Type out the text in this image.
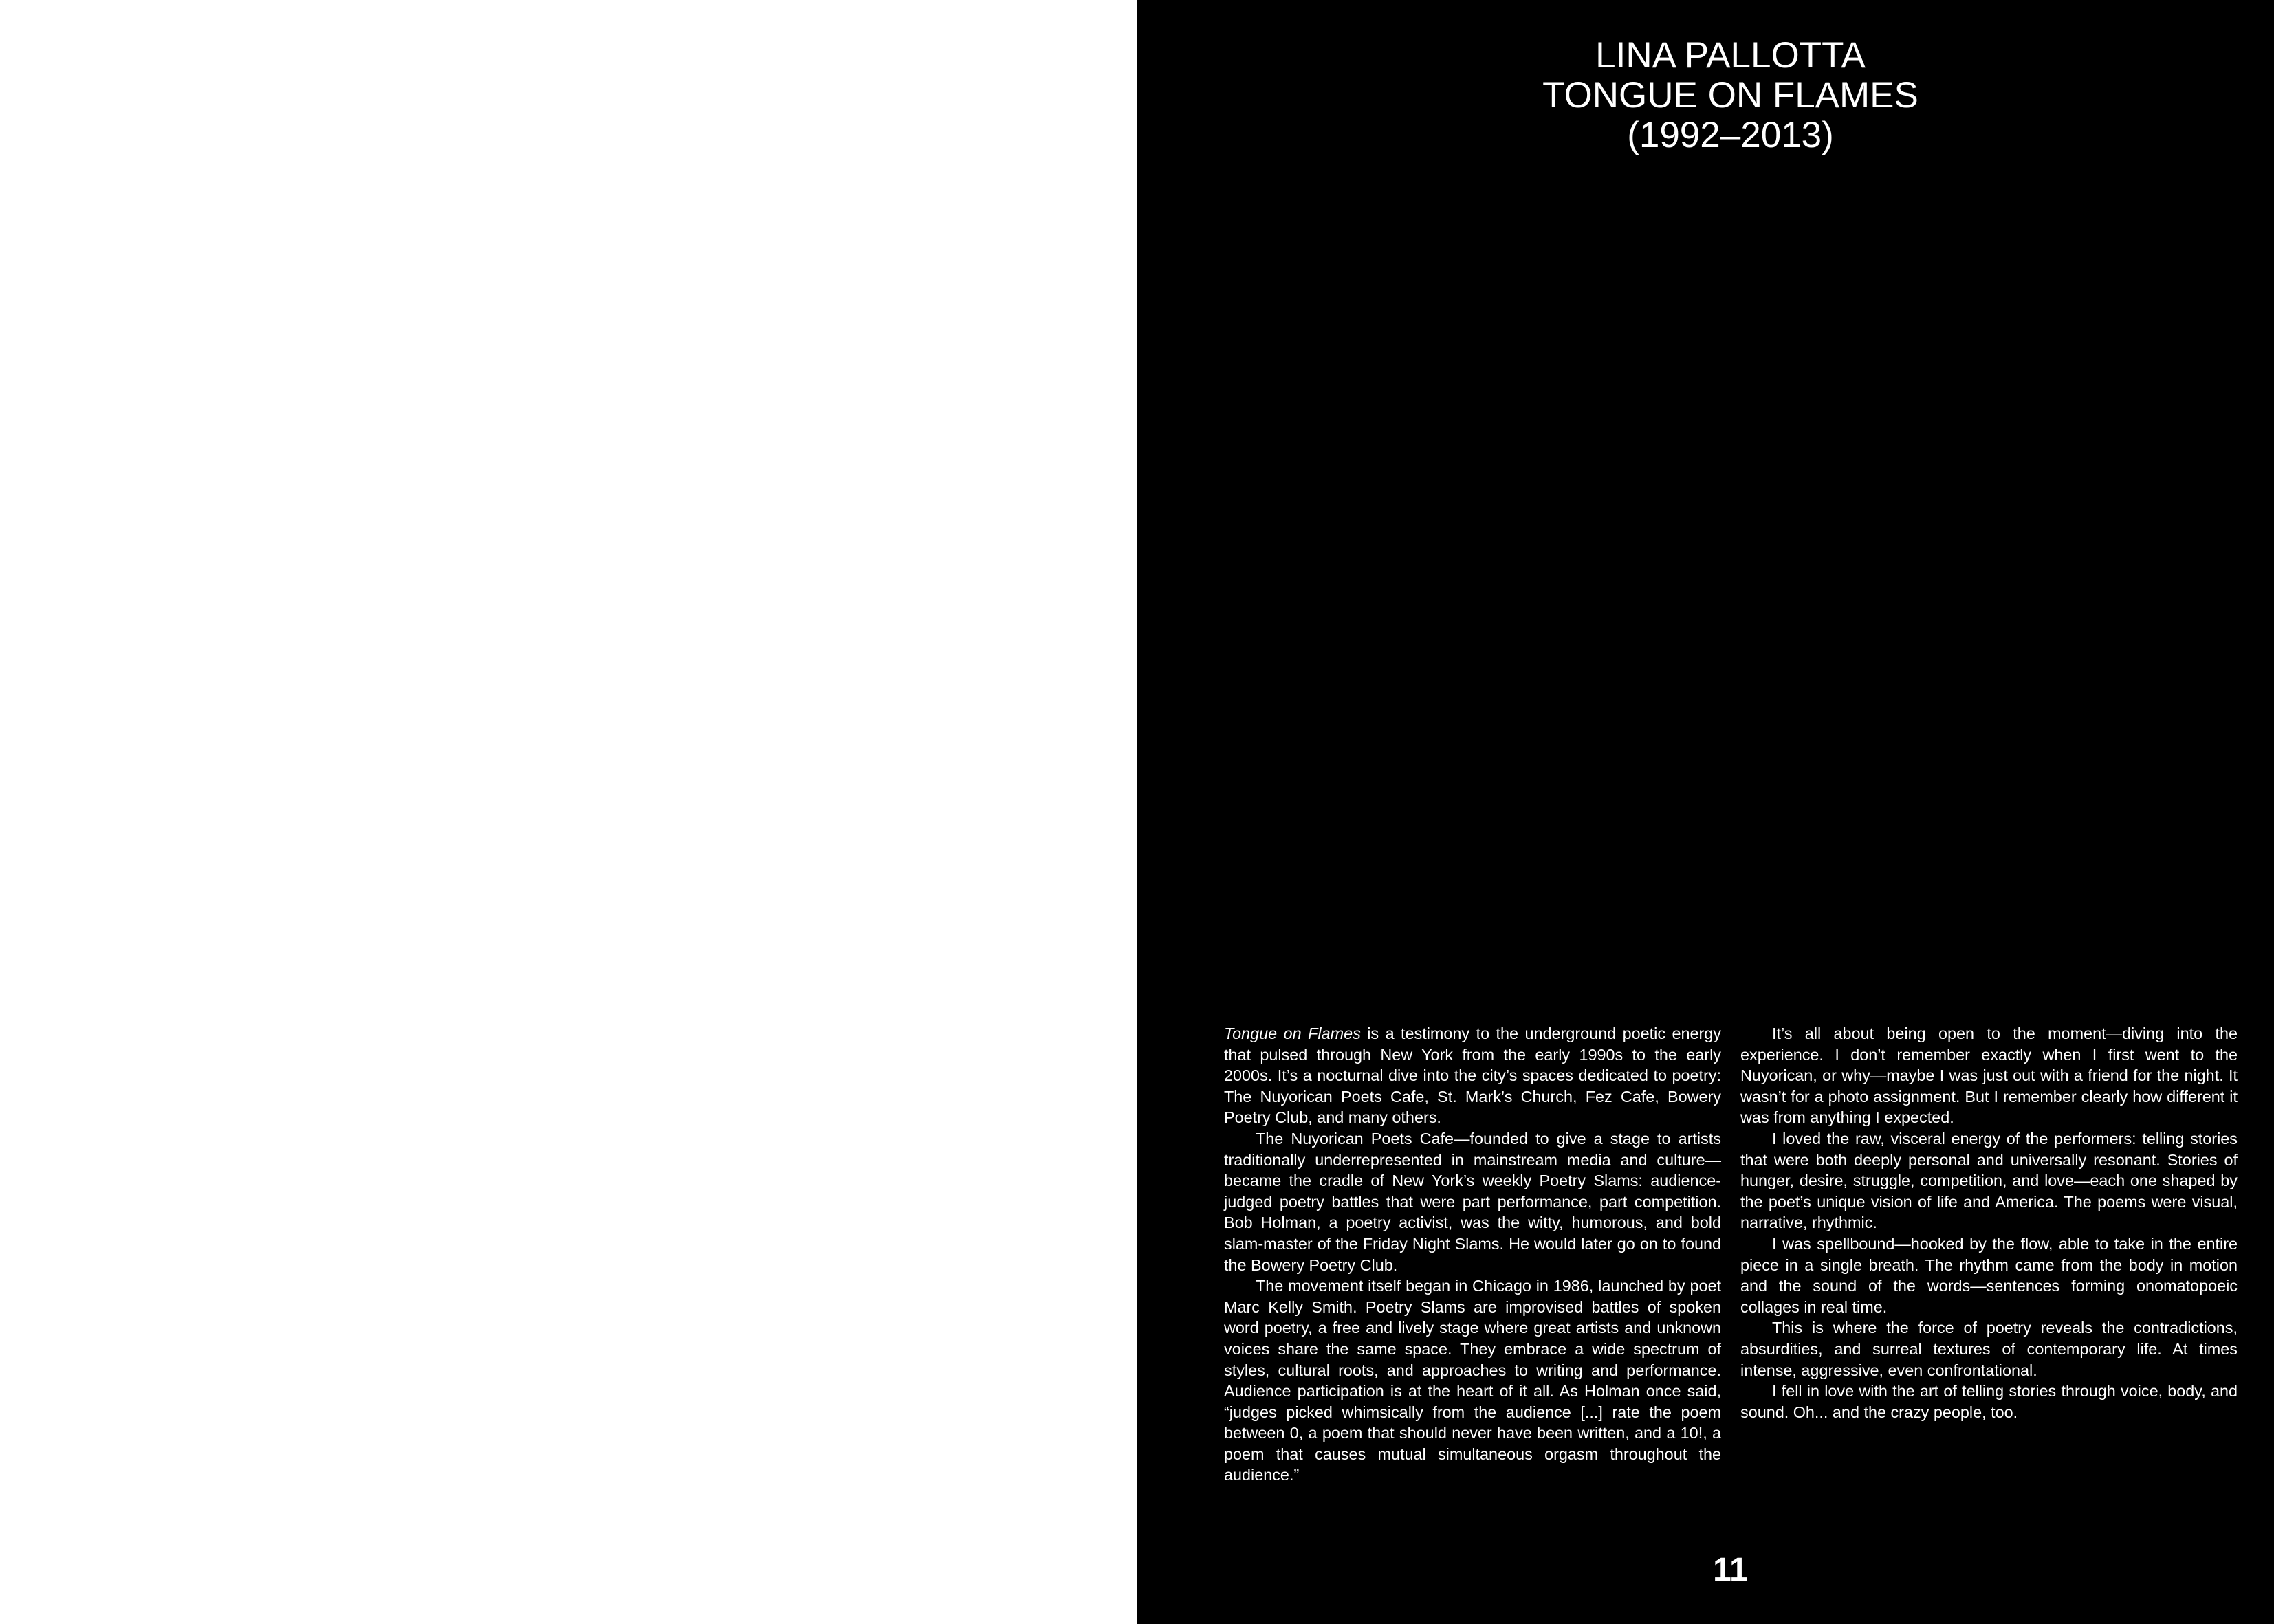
LINA PALLOTTA
TONGUE ON FLAMES
(1992–2013)

Tongue on Flames is a testimony to the underground poetic energy that pulsed through New York from the early 1990s to the early 2000s. It’s a nocturnal dive into the city’s spaces dedicated to poetry: The Nuyorican Poets Cafe, St. Mark’s Church, Fez Cafe, Bowery Poetry Club, and many others.

The Nuyorican Poets Cafe—founded to give a stage to artists traditionally underrepresented in mainstream media and culture—became the cradle of New York’s weekly Poetry Slams: audience-judged poetry battles that were part performance, part competition. Bob Holman, a poetry activist, was the witty, humorous, and bold slam-master of the Friday Night Slams. He would later go on to found the Bowery Poetry Club.

The movement itself began in Chicago in 1986, launched by poet Marc Kelly Smith. Poetry Slams are improvised battles of spoken word poetry, a free and lively stage where great artists and unknown voices share the same space. They embrace a wide spectrum of styles, cultural roots, and approaches to writing and performance. Audience participation is at the heart of it all. As Holman once said, “judges picked whimsically from the audience [...] rate the poem between 0, a poem that should never have been written, and a 10!, a poem that causes mutual simultaneous orgasm throughout the audience.”

It’s all about being open to the moment—diving into the experience. I don’t remember exactly when I first went to the Nuyorican, or why—maybe I was just out with a friend for the night. It wasn’t for a photo assignment. But I remember clearly how different it was from anything I expected.

I loved the raw, visceral energy of the performers: telling stories that were both deeply personal and universally resonant. Stories of hunger, desire, struggle, competition, and love—each one shaped by the poet’s unique vision of life and America. The poems were visual, narrative, rhythmic.

I was spellbound—hooked by the flow, able to take in the entire piece in a single breath. The rhythm came from the body in motion and the sound of the words—sentences forming onomatopoeic collages in real time.

This is where the force of poetry reveals the contradictions, absurdities, and surreal textures of contemporary life. At times intense, aggressive, even confrontational.

I fell in love with the art of telling stories through voice, body, and sound. Oh... and the crazy people, too.

11
